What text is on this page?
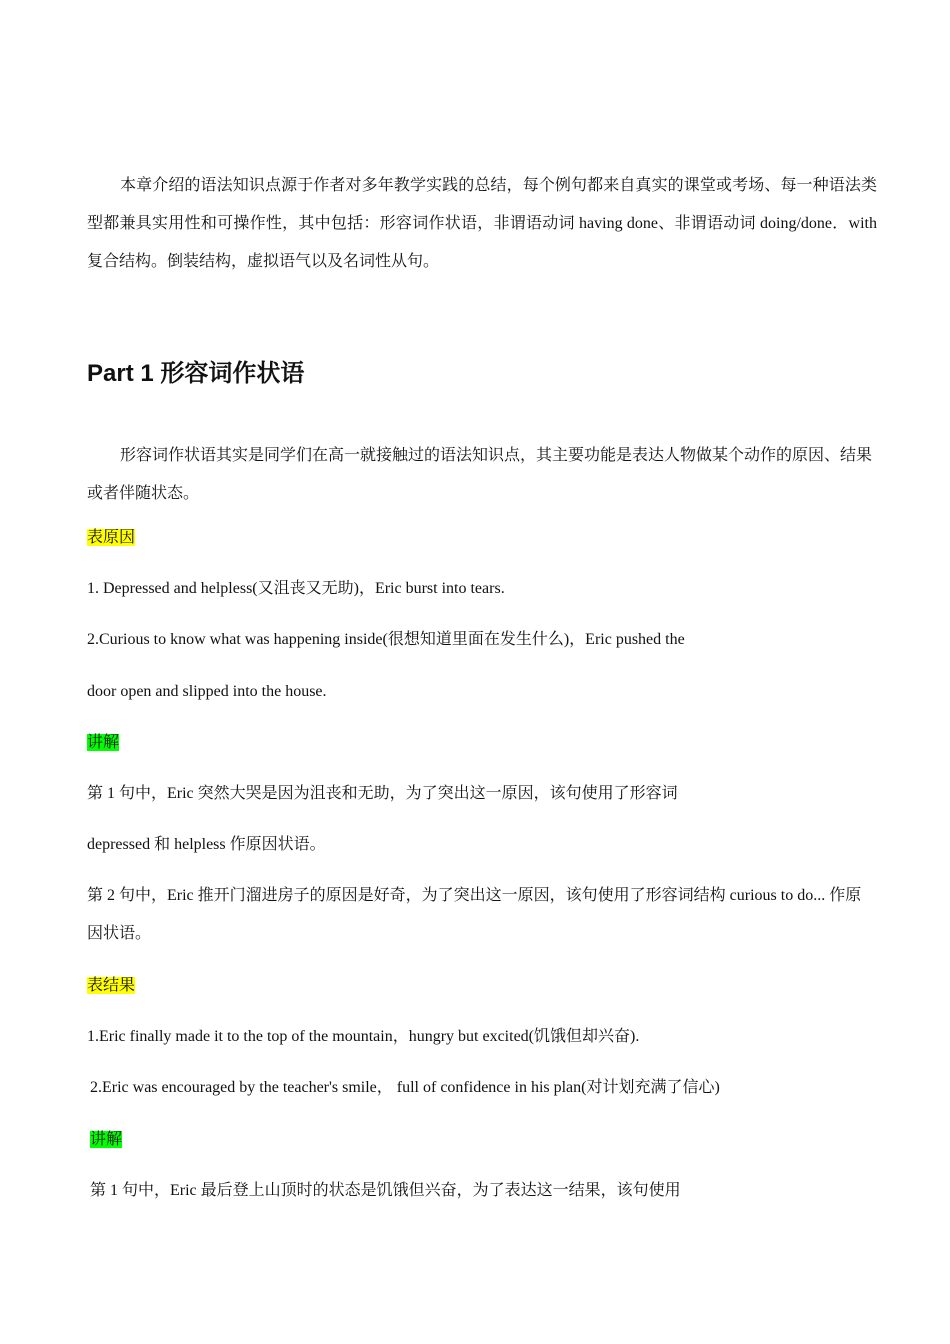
本章介绍的语法知识点源于作者对多年教学实践的总结，每个例句都来自真实的课堂或考场、每一种语法类型都兼具实用性和可操作性，其中包括：形容词作状语，非谓语动词 having done、非谓语动词 doing/done．with 复合结构。倒装结构，虚拟语气以及名词性从句。
Part 1 形容词作状语
形容词作状语其实是同学们在高一就接触过的语法知识点，其主要功能是表达人物做某个动作的原因、结果或者伴随状态。
表原因
1. Depressed and helpless(又沮丧又无助)，Eric burst into tears.
2.Curious to know what was happening inside(很想知道里面在发生什么)，Eric pushed the
door open and slipped into the house.
讲解
第 1 句中，Eric 突然大哭是因为沮丧和无助，为了突出这一原因，该句使用了形容词
depressed 和 helpless 作原因状语。
第 2 句中，Eric 推开门溜进房子的原因是好奇，为了突出这一原因，该句使用了形容词结构 curious to do... 作原因状语。
表结果
1.Eric finally made it to the top of the mountain，hungry but excited(饥饿但却兴奋).
2.Eric was encouraged by the teacher's smile， full of confidence in his plan(对计划充满了信心)
讲解
第 1 句中，Eric 最后登上山顶时的状态是饥饿但兴奋，为了表达这一结果，该句使用
